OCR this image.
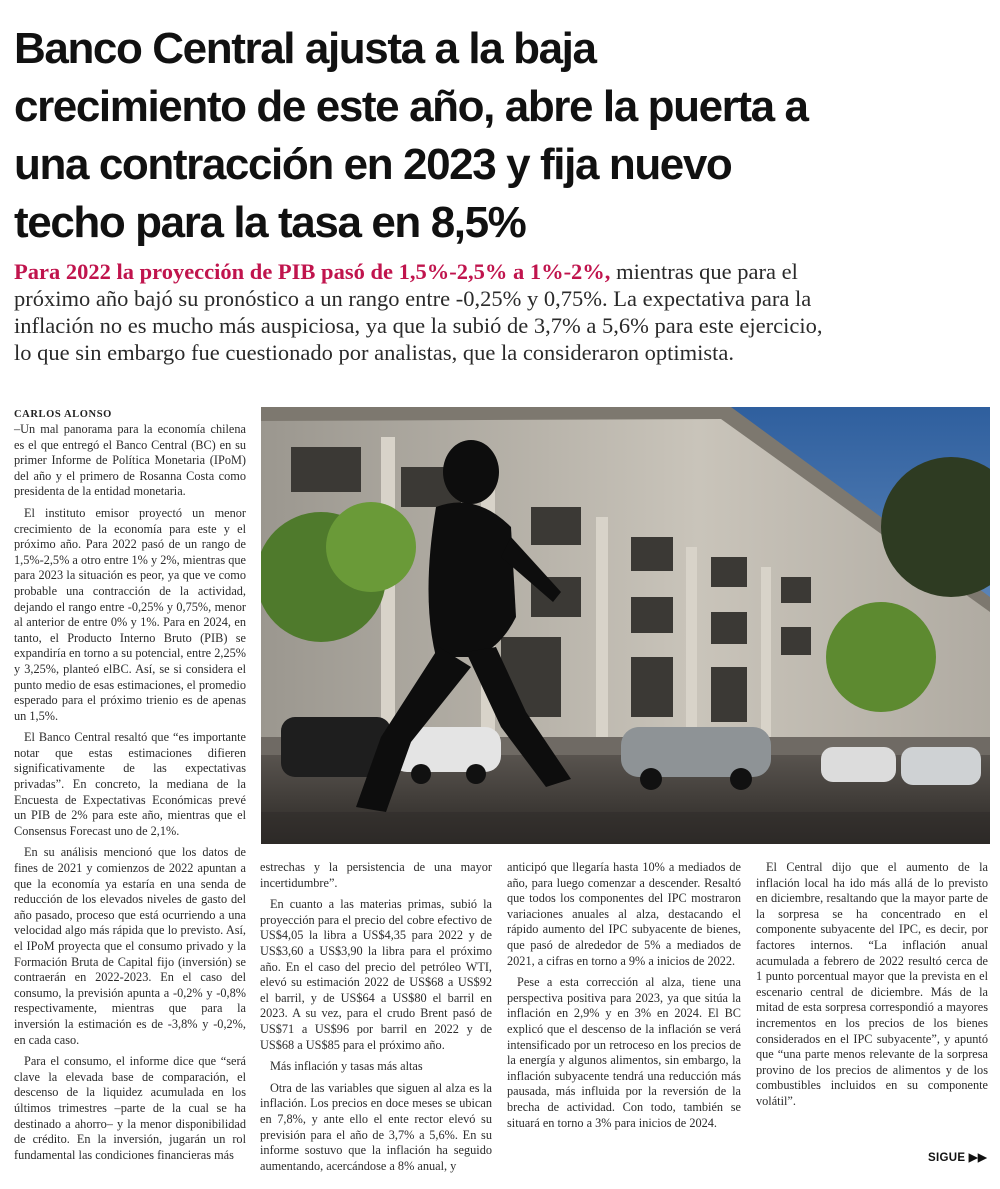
Banco Central ajusta a la baja
crecimiento de este año, abre la puerta a
una contracción en 2023 y fija nuevo
techo para la tasa en 8,5%
Para 2022 la proyección de PIB pasó de 1,5%-2,5% a 1%-2%, mientras que para el
próximo año bajó su pronóstico a un rango entre -0,25% y 0,75%. La expectativa para la
inflación no es mucho más auspiciosa, ya que la subió de 3,7% a 5,6% para este ejercicio,
lo que sin embargo fue cuestionado por analistas, que la consideraron optimista.
CARLOS ALONSO

–Un mal panorama para la economía chilena es el que entregó el Banco Central (BC) en su primer Informe de Política Monetaria (IPoM) del año y el primero de Rosanna Costa como presidenta de la entidad monetaria.

El instituto emisor proyectó un menor crecimiento de la economía para este y el próximo año. Para 2022 pasó de un rango de 1,5%-2,5% a otro entre 1% y 2%, mientras que para 2023 la situación es peor, ya que ve como probable una contracción de la actividad, dejando el rango entre -0,25% y 0,75%, menor al anterior de entre 0% y 1%. Para en 2024, en tanto, el Producto Interno Bruto (PIB) se expandiría en torno a su potencial, entre 2,25% y 3,25%, planteó elBC. Así, se si considera el punto medio de esas estimaciones, el promedio esperado para el próximo trienio es de apenas un 1,5%.

El Banco Central resaltó que “es importante notar que estas estimaciones difieren significativamente de las expectativas privadas”. En concreto, la mediana de la Encuesta de Expectativas Económicas prevé un PIB de 2% para este año, mientras que el Consensus Forecast uno de 2,1%.

En su análisis mencionó que los datos de fines de 2021 y comienzos de 2022 apuntan a que la economía ya estaría en una senda de reducción de los elevados niveles de gasto del año pasado, proceso que está ocurriendo a una velocidad algo más rápida que lo previsto. Así, el IPoM proyecta que el consumo privado y la Formación Bruta de Capital fijo (inversión) se contraerán en 2022-2023. En el caso del consumo, la previsión apunta a -0,2% y -0,8% respectivamente, mientras que para la inversión la estimación es de -3,8% y -0,2%, en cada caso.

Para el consumo, el informe dice que “será clave la elevada base de comparación, el descenso de la liquidez acumulada en los últimos trimestres –parte de la cual se ha destinado a ahorro– y la menor disponibilidad de crédito. En la inversión, jugarán un rol fundamental las condiciones financieras más

estrechas y la persistencia de una mayor incertidumbre”.

En cuanto a las materias primas, subió la proyección para el precio del cobre efectivo de US$4,05 la libra a US$4,35 para 2022 y de US$3,60 a US$3,90 la libra para el próximo año. En el caso del precio del petróleo WTI, elevó su estimación 2022 de US$68 a US$92 el barril, y de US$64 a US$80 el barril en 2023. A su vez, para el crudo Brent pasó de US$71 a US$96 por barril en 2022 y de US$68 a US$85 para el próximo año.

Más inflación y tasas más altas

Otra de las variables que siguen al alza es la inflación. Los precios en doce meses se ubican en 7,8%, y ante ello el ente rector elevó su previsión para el año de 3,7% a 5,6%. En su informe sostuvo que la inflación ha seguido aumentando, acercándose a 8% anual, y

anticipó que llegaría hasta 10% a mediados de año, para luego comenzar a descender. Resaltó que todos los componentes del IPC mostraron variaciones anuales al alza, destacando el rápido aumento del IPC subyacente de bienes, que pasó de alrededor de 5% a mediados de 2021, a cifras en torno a 9% a inicios de 2022.

Pese a esta corrección al alza, tiene una perspectiva positiva para 2023, ya que sitúa la inflación en 2,9% y en 3% en 2024. El BC explicó que el descenso de la inflación se verá intensificado por un retroceso en los precios de la energía y algunos alimentos, sin embargo, la inflación subyacente tendrá una reducción más pausada, más influida por la reversión de la brecha de actividad. Con todo, también se situará en torno a 3% para inicios de 2024.

El Central dijo que el aumento de la inflación local ha ido más allá de lo previsto en diciembre, resaltando que la mayor parte de la sorpresa se ha concentrado en el componente subyacente del IPC, es decir, por factores internos. “La inflación anual acumulada a febrero de 2022 resultó cerca de 1 punto porcentual mayor que la prevista en el escenario central de diciembre. Más de la mitad de esta sorpresa correspondió a mayores incrementos en los precios de los bienes considerados en el IPC subyacente”, y apuntó que “una parte menos relevante de la sorpresa provino de los precios de alimentos y de los combustibles incluidos en su componente volátil”.

SIGUE ▶▶
